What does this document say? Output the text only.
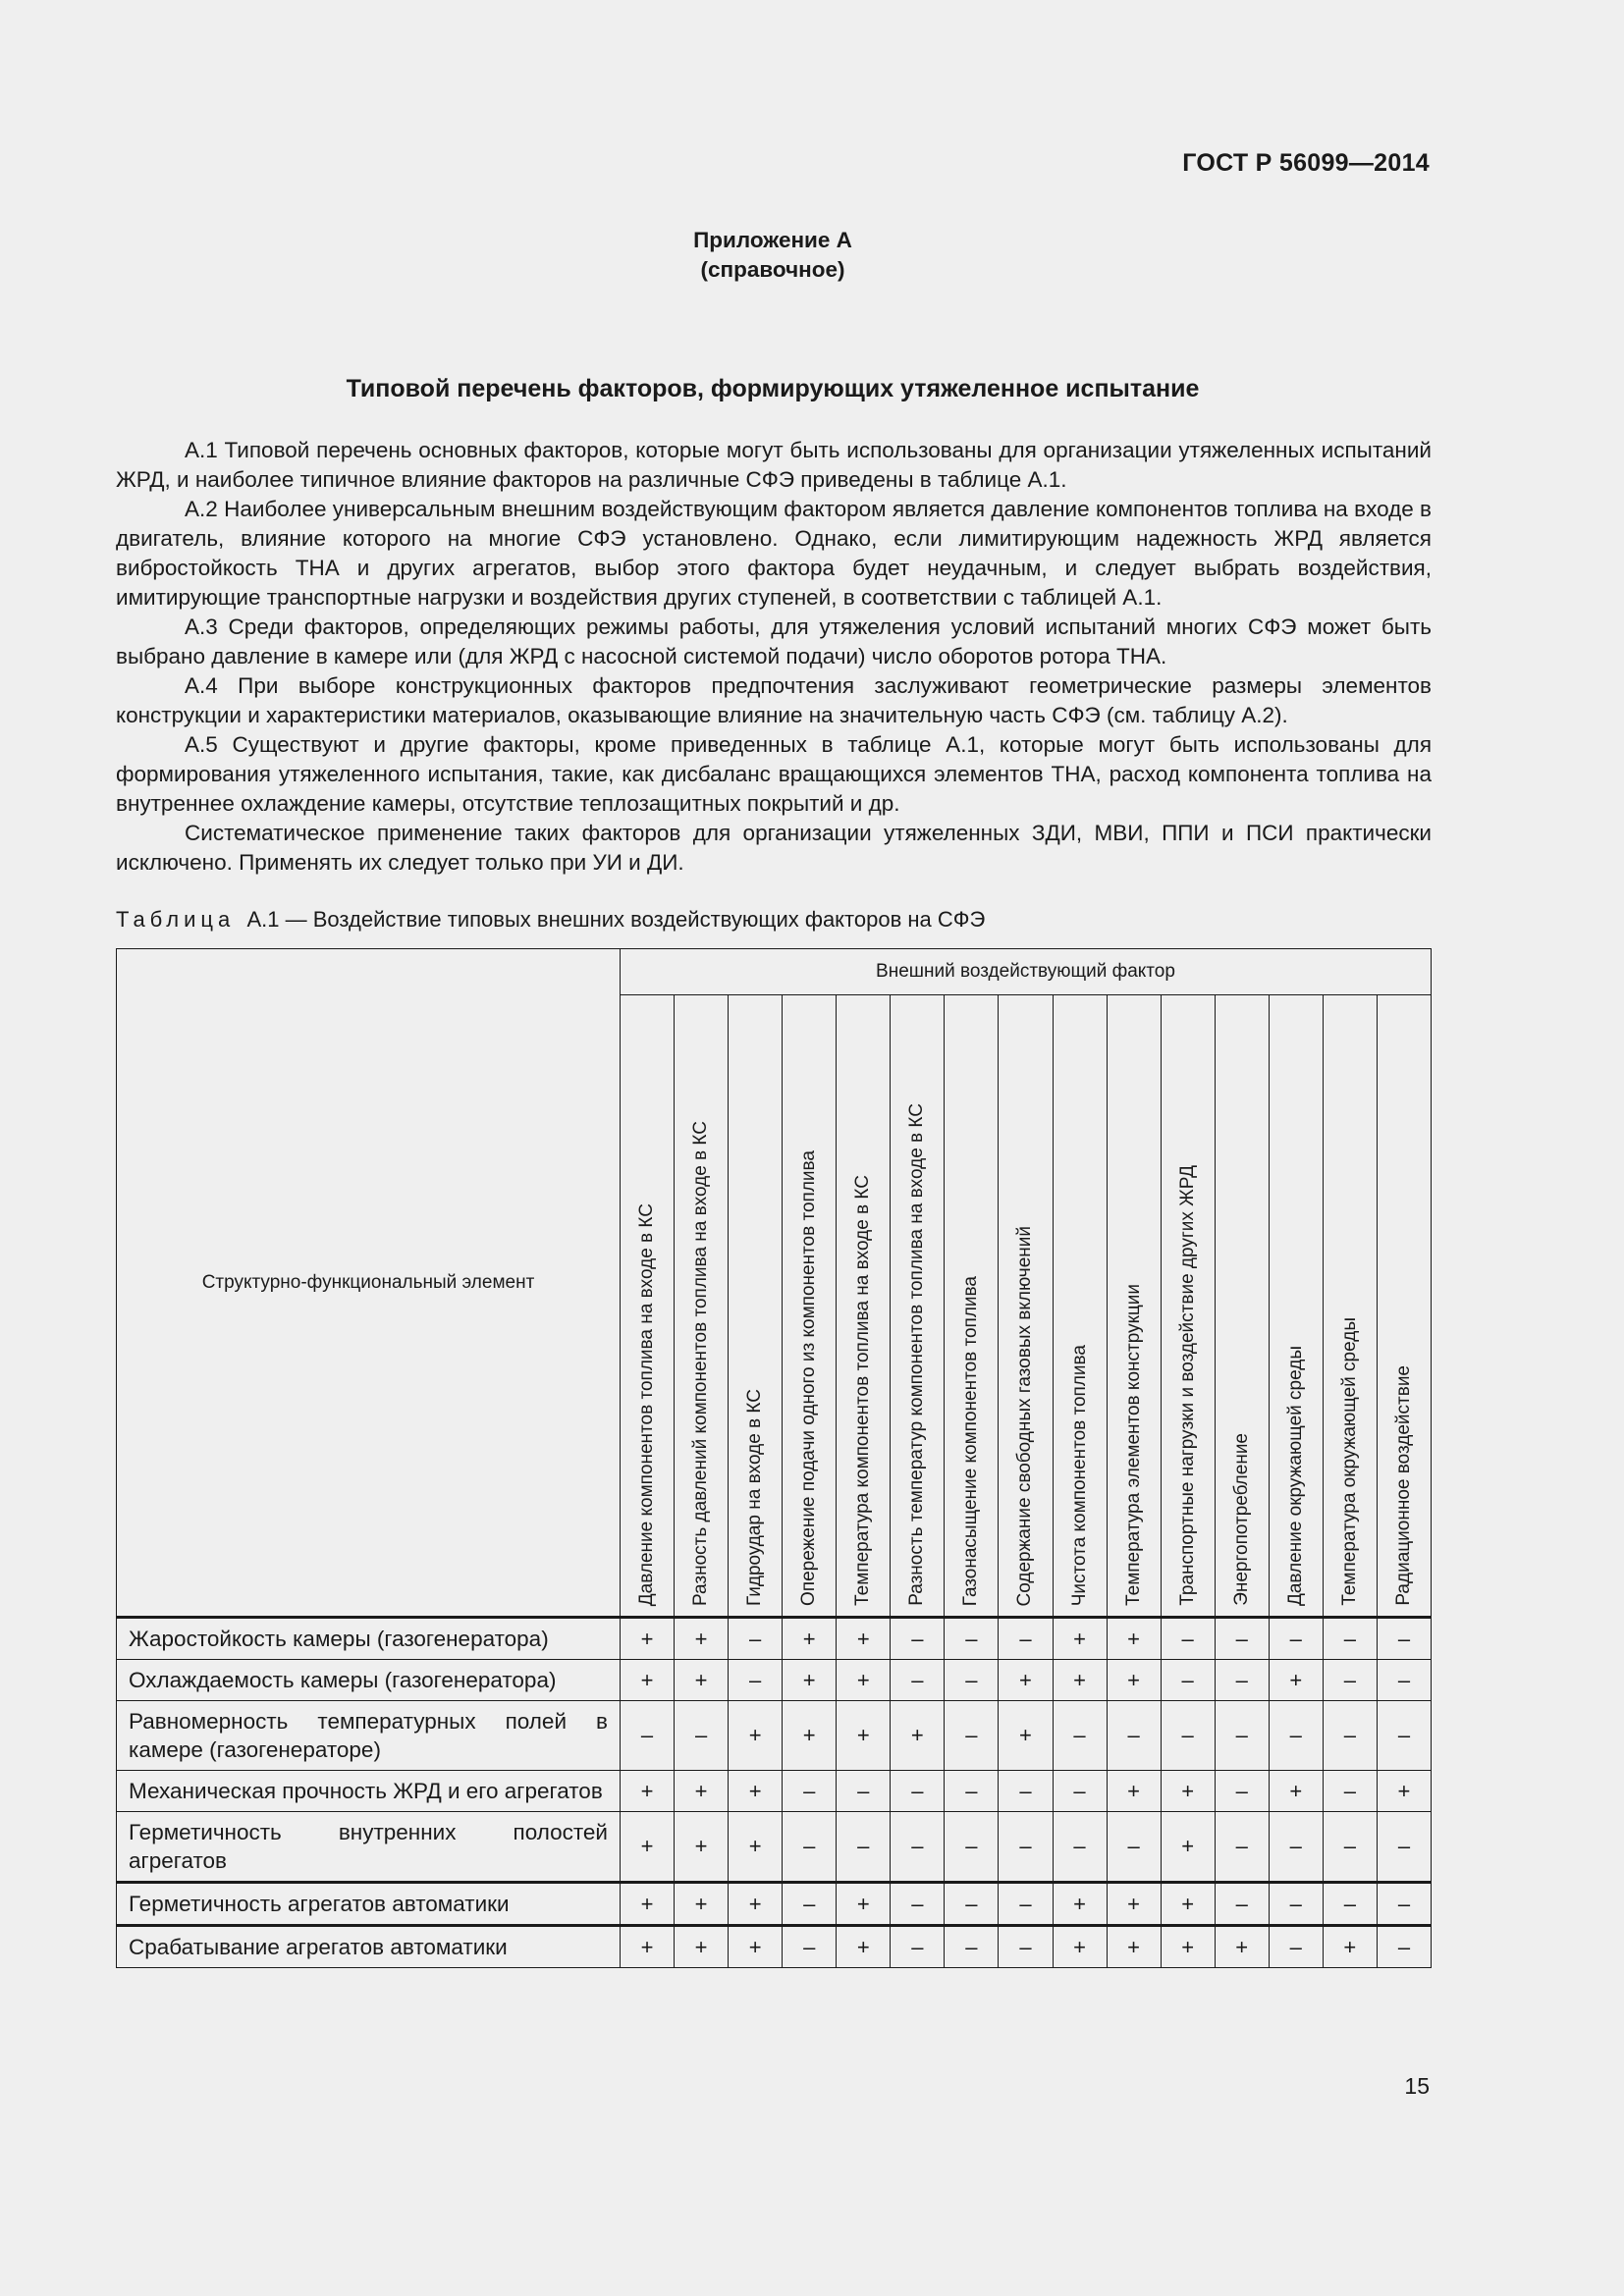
ГОСТ Р 56099—2014
Приложение А
(справочное)
Типовой перечень факторов, формирующих утяжеленное испытание

А.1 Типовой перечень основных факторов, которые могут быть использованы для организации утяжеленных испытаний ЖРД, и наиболее типичное влияние факторов на различные СФЭ приведены в таблице А.1.

А.2 Наиболее универсальным внешним воздействующим фактором является давление компонентов топлива на входе в двигатель, влияние которого на многие СФЭ установлено. Однако, если лимитирующим надежность ЖРД является вибростойкость ТНА и других агрегатов, выбор этого фактора будет неудачным, и следует выбрать воздействия, имитирующие транспортные нагрузки и воздействия других ступеней, в соответствии с таблицей А.1.

А.3 Среди факторов, определяющих режимы работы, для утяжеления условий испытаний многих СФЭ может быть выбрано давление в камере или (для ЖРД с насосной системой подачи) число оборотов ротора ТНА.

А.4 При выборе конструкционных факторов предпочтения заслуживают геометрические размеры элементов конструкции и характеристики материалов, оказывающие влияние на значительную часть СФЭ (см. таблицу А.2).

А.5 Существуют и другие факторы, кроме приведенных в таблице А.1, которые могут быть использованы для формирования утяжеленного испытания, такие, как дисбаланс вращающихся элементов ТНА, расход компонента топлива на внутреннее охлаждение камеры, отсутствие теплозащитных покрытий и др.

Систематическое применение таких факторов для организации утяжеленных ЗДИ, МВИ, ППИ и ПСИ практически исключено. Применять их следует только при УИ и ДИ.

Таблица А.1 — Воздействие типовых внешних воздействующих факторов на СФЭ
Структурно-функциональный элемент	Внешний воздействующий фактор														

	Давление компонентов топлива на входе в КС	Разность давлений компонентов топлива на входе в КС	Гидроудар на входе в КС	Опережение подачи одного из компонентов топлива	Температура компонентов топлива на входе в КС	Разность температур компонентов топлива на входе в КС	Газонасыщение компонентов топлива	Содержание свободных газовых включений	Чистота компонентов топлива	Температура элементов конструкции	Транспортные нагрузки и воздействие других ЖРД	Энергопотребление	Давление окружающей среды	Температура окружающей среды	Радиационное воздействие

Жаростойкость камеры (газогенератора)	+	+	–	+	+	–	–	–	+	+	–	–	–	–	–
Охлаждаемость камеры (газогенератора)	+	+	–	+	+	–	–	+	+	+	–	–	+	–	–
Равномерность температурных полей в камере (газогенераторе)	–	–	+	+	+	+	–	+	–	–	–	–	–	–	–
Механическая прочность ЖРД и его агрегатов	+	+	+	–	–	–	–	–	–	+	+	–	+	–	+
Герметичность внутренних полостей агрегатов	+	+	+	–	–	–	–	–	–	–	+	–	–	–	–
Герметичность агрегатов автоматики	+	+	+	–	+	–	–	–	+	+	+	–	–	–	–
Срабатывание агрегатов автоматики	+	+	+	–	+	–	–	–	+	+	+	+	–	+	–
15
